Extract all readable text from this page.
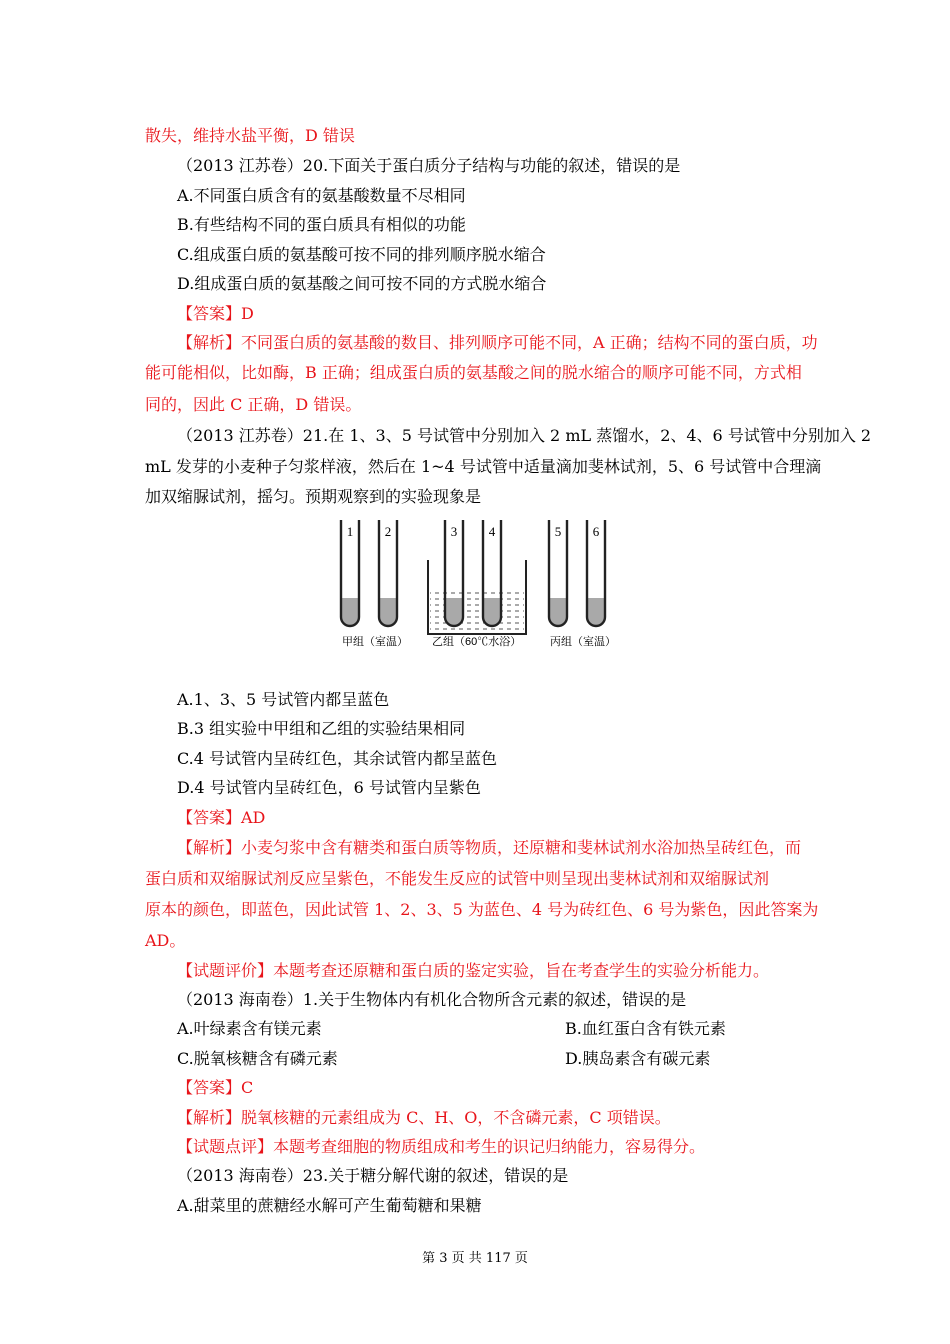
散失，维持水盐平衡，D 错误
（2013 江苏卷）20.下面关于蛋白质分子结构与功能的叙述，错误的是
A.不同蛋白质含有的氨基酸数量不尽相同
B.有些结构不同的蛋白质具有相似的功能
C.组成蛋白质的氨基酸可按不同的排列顺序脱水缩合
D.组成蛋白质的氨基酸之间可按不同的方式脱水缩合
【答案】D
【解析】不同蛋白质的氨基酸的数目、排列顺序可能不同，A 正确；结构不同的蛋白质，功
能可能相似，比如酶，B 正确；组成蛋白质的氨基酸之间的脱水缩合的顺序可能不同，方式相
同的，因此 C 正确，D 错误。
（2013 江苏卷）21.在 1、3、5 号试管中分别加入 2 mL 蒸馏水，2、4、6 号试管中分别加入 2
mL 发芽的小麦种子匀浆样液，然后在 1~4 号试管中适量滴加斐林试剂，5、6 号试管中合理滴
加双缩脲试剂，摇匀。预期观察到的实验现象是
1 2	3 4	5 6
甲组（室温） 乙组（60℃水浴）	丙组（室温）
A.1、3、5 号试管内都呈蓝色
B.3 组实验中甲组和乙组的实验结果相同
C.4 号试管内呈砖红色，其余试管内都呈蓝色
D.4 号试管内呈砖红色，6 号试管内呈紫色
【答案】AD
【解析】小麦匀浆中含有糖类和蛋白质等物质，还原糖和斐林试剂水浴加热呈砖红色，而
蛋白质和双缩脲试剂反应呈紫色，不能发生反应的试管中则呈现出斐林试剂和双缩脲试剂
原本的颜色，即蓝色，因此试管 1、2、3、5 为蓝色、4 号为砖红色、6 号为紫色，因此答案为
AD。
【试题评价】本题考查还原糖和蛋白质的鉴定实验，旨在考查学生的实验分析能力。
（2013 海南卷）1.关于生物体内有机化合物所含元素的叙述，错误的是
A.叶绿素含有镁元素	B.血红蛋白含有铁元素
C.脱氧核糖含有磷元素	D.胰岛素含有碳元素
【答案】C
【解析】脱氧核糖的元素组成为 C、H、O，不含磷元素，C 项错误。
【试题点评】本题考查细胞的物质组成和考生的识记归纳能力，容易得分。
（2013 海南卷）23.关于糖分解代谢的叙述，错误的是
A.甜菜里的蔗糖经水解可产生葡萄糖和果糖
第 3 页 共 117 页
